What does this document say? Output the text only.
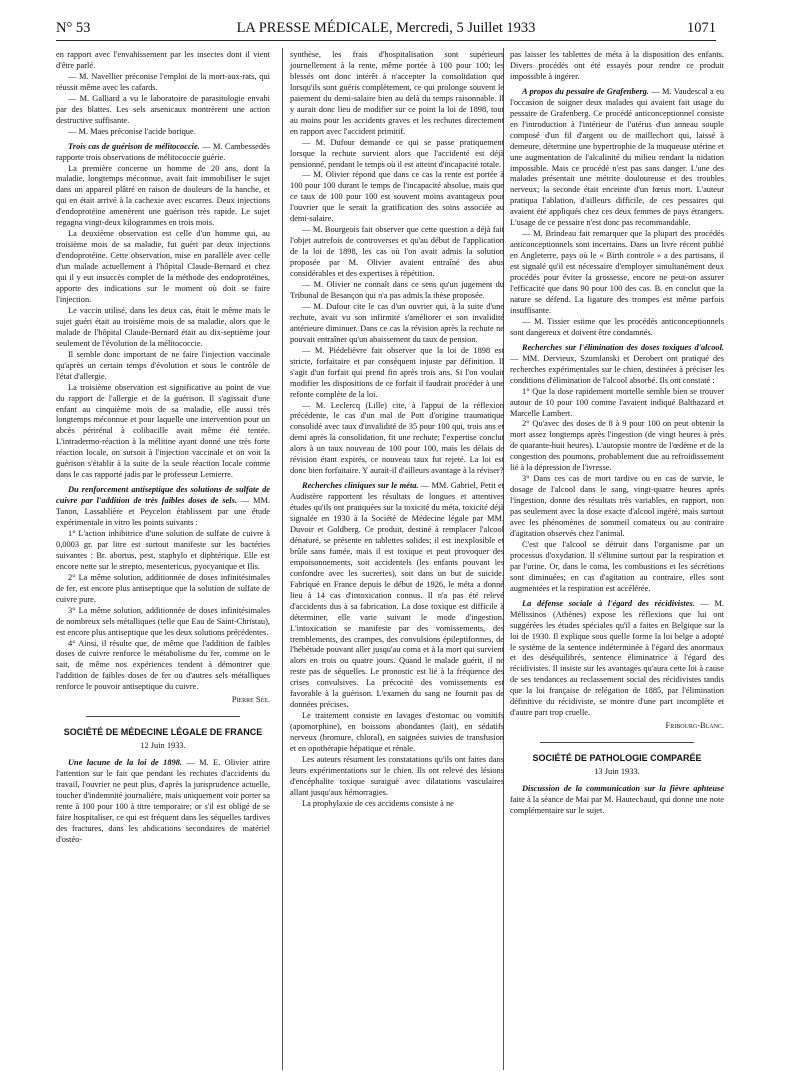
N° 53	LA PRESSE MÉDICALE, Mercredi, 5 Juillet 1933	1071

en rapport avec l'envahissement par les insectes dont il vient d'être parlé.

— M. Navellier préconise l'emploi de la mort-aux-rats, qui réussit même avec les cafards.

— M. Galliard a vu le laboratoire de parasitologie envahi par des blattes. Les sels arsenicaux montrèrent une action destructive suffisante.

— M. Maes préconise l'acide borique.

Trois cas de guérison de mélitococcie. — M. Cambessedès rapporte trois observations de mélitococcie guérie.

La première concerne un homme de 20 ans, dont la maladie, longtemps méconnue, avait fait immobiliser le sujet dans un appareil plâtré en raison de douleurs de la hanche, et qui en était arrivé à la cachexie avec escarres. Deux injections d'endoprotéine amenèrent une guérison très rapide. Le sujet regagna vingt-deux kilogrammes en trois mois.

La deuxième observation est celle d'un homme qui, au troisième mois de sa maladie, fut guéri par deux injections d'endoprotéine. Cette observation, mise en parallèle avec celle d'un malade actuellement à l'hôpital Claude-Bernard et chez qui il y eut insuccès complet de la méthode des endoprotéines, apporte des indications sur le moment où doit se faire l'injection.

Le vaccin utilisé, dans les deux cas, était le même mais le sujet guéri était au troisième mois de sa maladie, alors que le malade de l'hôpital Claude-Bernard était au dix-septième jour seulement de l'évolution de la mélitococcie.

Il semble donc important de ne faire l'injection vaccinale qu'après un certain temps d'évolution et sous le contrôle de l'état d'allergie.

La troisième observation est significative au point de vue du rapport de l'allergie et de la guérison. Il s'agissait d'une enfant au cinquième mois de sa maladie, elle aussi très longtemps méconnue et pour laquelle une intervention pour un abcès périrénal à colibacille avait même été tentée. L'intradermo-réaction à la mélitine ayant donné une très forte réaction locale, on sursoit à l'injection vaccinale et on voit la guérison s'établir à la suite de la seule réaction locale comme dans le cas rapporté jadis par le professeur Lemierre.

Du renforcement antiseptique des solutions de sulfate de cuivre par l'addition de très faibles doses de sels. — MM. Tanon, Lassablière et Peycelon établissent par une étude expérimentale in vitro les points suivants :

1° L'action inhibitrice d'une solution de sulfate de cuivre à 0,0003 gr. par litre est surtout manifeste sur les bactéries suivantes : Br. abortus, pest, staphylo et diphtérique. Elle est encore nette sur le strepto, mesentericus, pyocyanique et Ilis.

2° La même solution, additionnée de doses infinitésimales de fer, est encore plus antiseptique que la solution de sulfate de cuivre pure.

3° La même solution, additionnée de doses infinitésimales de nombreux sels métalliques (telle que Eau de Saint-Christau), est encore plus antiseptique que les deux solutions précédentes.

4° Ainsi, il résulte que, de même que l'addition de faibles doses de cuivre renforce le métabolisme du fer, comme on le sait, de même nos expériences tendent à démontrer que l'addition de faibles doses de fer ou d'autres sels métalliques renforce le pouvoir antiseptique du cuivre.

Pierre Sée.

SOCIÉTÉ DE MÉDECINE LÉGALE DE FRANCE

12 Juin 1933.

Une lacune de la loi de 1898. — M. E. Olivier attire l'attention sur le fait que pendant les rechutes d'accidents du travail, l'ouvrier ne peut plus, d'après la jurisprudence actuelle, toucher d'indemnité journalière, mais uniquement voir porter sa rente à 100 pour 100 à titre temporaire; or s'il est obligé de se faire hospitaliser, ce qui est fréquent dans les séquelles tardives des fractures, dans les abdications secondaires de matériel d'ostéo-

synthèse, les frais d'hospitalisation sont supérieurs journellement à la rente, même portée à 100 pour 100; les blessés ont donc intérêt à n'accepter la consolidation que lorsqu'ils sont guéris complètement, ce qui prolonge souvent le paiement du demi-salaire bien au delà du temps raisonnable. Il y aurait donc lieu de modifier sur ce point la loi de 1898, tout au moins pour les accidents graves et les rechutes directement en rapport avec l'accident primitif.

— M. Dufour demande ce qui se passe pratiquement lorsque la rechute survient alors que l'accidenté est déjà pensionné, pendant le temps où il est atteint d'incapacité totale.

— M. Olivier répond que dans ce cas la rente est portée à 100 pour 100 durant le temps de l'incapacité absolue, mais que ce taux de 100 pour 100 est souvent moins avantageux pour l'ouvrier que le serait la gratification des soins associée au demi-salaire.

— M. Bourgeois fait observer que cette question a déjà fait l'objet autrefois de controverses et qu'au début de l'application de la loi de 1898, les cas où l'on avait admis la solution proposée par M. Olivier avaient entraîné des abus considérables et des expertises à répétition.

— M. Olivier ne connaît dans ce sens qu'un jugement du Tribunal de Besançon qui n'a pas admis la thèse proposée.

— M. Dufour cite le cas d'un ouvrier qui, à la suite d'une rechute, avait vu son infirmité s'améliorer et son invalidité antérieure diminuer. Dans ce cas la révision après la rechute ne pouvait entraîner qu'un abaissement du taux de pension.

— M. Piédelièvre fait observer que la loi de 1898 est stricte, forfaitaire et par conséquent injuste par définition. Il s'agit d'un forfait qui prend fin après trois ans. Si l'on voulait modifier les dispositions de ce forfait il faudrait procéder à une refonte complète de la loi.

— M. Leclercq (Lille) cite, à l'appui de la réflexion précédente, le cas d'un mal de Pott d'origine traumatique consolidé avec taux d'invalidité de 35 pour 100 qui, trois ans et demi après la consolidation, fit une rechute; l'expertise conclut alors à un taux nouveau de 100 pour 100, mais les délais de révision étant expirés, ce nouveau taux fut rejeté. La loi est donc bien forfaitaire. Y aurait-il d'ailleurs avantage à la réviser?

Recherches cliniques sur le méta. — MM. Gabriel, Petit et Audistère rapportent les résultats de longues et attentives études qu'ils ont pratiquées sur la toxicité du méta, toxicité déjà signalée en 1930 à la Société de Médecine légale par MM. Duvoir et Goldberg. Ce produit, destiné à remplacer l'alcool dénaturé, se présente en tablettes solides; il est inexplosible et brûle sans fumée, mais il est toxique et peut provoquer des empoisonnements, soit accidentels (les enfants pouvant les confondre avec les sucreries), soit dans un but de suicide. Fabriqué en France depuis le début de 1926, le méta a donné lieu à 14 cas d'intoxication connus. Il n'a pas été relevé d'accidents dus à sa fabrication. La dose toxique est difficile à déterminer, elle varie suivant le mode d'ingestion. L'intoxication se manifeste par des vomissements, des tremblements, des crampes, des convulsions épileptiformes, de l'hébétude pouvant aller jusqu'au coma et à la mort qui survient alors en trois ou quatre jours. Quand le malade guérit, il ne reste pas de séquelles. Le pronostic est lié à la fréquence des crises convulsives. La précocité des vomissements est favorable à la guérison. L'examen du sang ne fournit pas de données précises.

Le traitement consiste en lavages d'estomac ou vomitifs (apomorphine), en boissons abondantes (lait), en sédatifs nerveux (bromure, chloral), en saignées suivies de transfusion et en opothérapie hépatique et rénale.

Les auteurs résument les constatations qu'ils ont faites dans leurs expérimentations sur le chien. Ils ont relevé des lésions d'encéphalite toxique suraiguë avec dilatations vasculaires allant jusqu'aux hémorragies.

La prophylaxie de ces accidents consiste à ne

pas laisser les tablettes de méta à la disposition des enfants. Divers procédés ont été essayés pour rendre ce produit impossible à ingérer.

A propos du pessaire de Grafenberg. — M. Vaudescal a eu l'occasion de soigner deux malades qui avaient fait usage du pessaire de Grafenberg. Ce procédé anticonceptionnel consiste en l'introduction à l'intérieur de l'utérus d'un anneau souple composé d'un fil d'argent ou de maillechort qui, laissé à demeure, détermine une hypertrophie de la muqueuse utérine et une augmentation de l'alcalinité du milieu rendant la nidation impossible. Mais ce procédé n'est pas sans danger. L'une des malades présentait une métrite douloureuse et des troubles nerveux; la seconde était enceinte d'un fœtus mort. L'auteur pratiqua l'ablation, d'ailleurs difficile, de ces pessaires qui avaient été appliqués chez ces deux femmes de pays étrangers. L'usage de ce pessaire n'est donc pas recommandable.

— M. Brindeau fait remarquer que la plupart des procédés anticonceptionnels sont incertains. Dans un livre récent publié en Angleterre, pays où le « Birth controle » a des partisans, il est signalé qu'il est nécessaire d'employer simultanément deux procédés pour éviter la grossesse, encore ne peut-on assurer l'efficacité que dans 90 pour 100 des cas. B. en conclut que la nature se défend. La ligature des trompes est même parfois insuffisante.

— M. Tissier estime que les procédés anticonceptionnels sont dangereux et doivent être condamnés.

Recherches sur l'élimination des doses toxiques d'alcool. — MM. Dervieux, Szumlanski et Derobert ont pratiqué des recherches expérimentales sur le chien, destinées à préciser les conditions d'élimination de l'alcool absorbé. Ils ont constaté :

1° Que la dose rapidement mortelle semble bien se trouver autour de 10 pour 100 comme l'avaient indiqué Balthazard et Marcelle Lambert.

2° Qu'avec des doses de 8 à 9 pour 100 on peut obtenir la mort assez longtemps après l'ingestion (de vingt heures à près de quarante-huit heures). L'autopsie montre de l'œdème et de la congestion des poumons, probablement due au refroidissement lié à la dépression de l'ivresse.

3° Dans ces cas de mort tardive ou en cas de survie, le dosage de l'alcool dans le sang, vingt-quatre heures après l'ingestion, donne des résultats très variables, en rapport, non pas seulement avec la dose exacte d'alcool ingéré, mais surtout avec les phénomènes de sommeil comateux ou au contraire d'agitation observés chez l'animal.

C'est que l'alcool se détruit dans l'organisme par un processus d'oxydation. Il s'élimine surtout par la respiration et par l'urine. Or, dans le coma, les combustions et les sécrétions sont diminuées; en cas d'agitation au contraire, elles sont augmentées et la respiration est accélérée.

La défense sociale à l'égard des récidivistes. — M. Mélissinos (Athènes) expose les réflexions que lui ont suggérées les études spéciales qu'il a faites en Belgique sur la loi de 1930. Il explique sous quelle forme la loi belge a adopté le système de la sentence indéterminée à l'égard des anormaux et des déséquilibrés, sentence éliminatrice à l'égard des récidivistes. Il insiste sur les avantages qu'aura cette loi à cause de ses tendances au reclassement social des récidivistes tandis que la loi française de relégation de 1885, par l'élimination définitive du récidiviste, se montre d'une part incomplète et d'autre part trop cruelle.

Fribourg-Blanc.

SOCIÉTÉ DE PATHOLOGIE COMPARÉE

13 Juin 1933.

Discussion de la communication sur la fièvre aphteuse faite à la séance de Mai par M. Hautechaud, qui donne une note complémentaire sur le sujet.
